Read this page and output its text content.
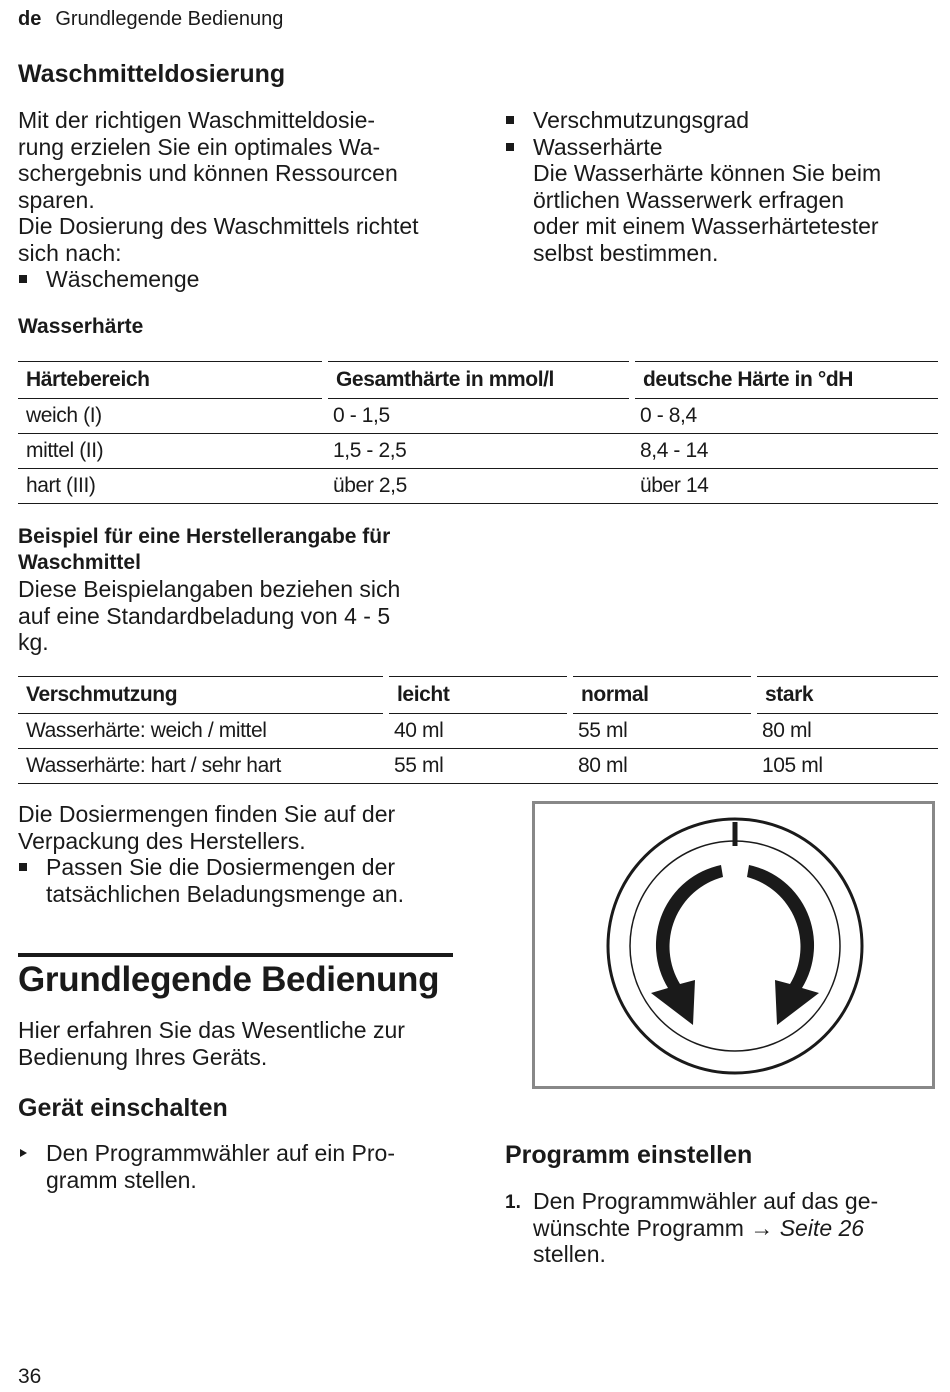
de Grundlegende Bedienung
Waschmitteldosierung
Mit der richtigen Waschmitteldosie-
rung erzielen Sie ein optimales Wa-
schergebnis und können Ressourcen
sparen.
Die Dosierung des Waschmittels richtet
sich nach:
Wäschemenge
Verschmutzungsgrad
Wasserhärte
Die Wasserhärte können Sie beim
örtlichen Wasserwerk erfragen
oder mit einem Wasserhärtetester
selbst bestimmen.
Wasserhärte
Härtebereich	Gesamthärte in mmol/l	deutsche Härte in °dH
weich (I)	0 - 1,5	0 - 8,4
mittel (II)	1,5 - 2,5	8,4 - 14
hart (III)	über 2,5	über 14
Beispiel für eine Herstellerangabe für
Waschmittel
Diese Beispielangaben beziehen sich
auf eine Standardbeladung von 4 - 5
kg.
Verschmutzung	leicht	normal	stark
Wasserhärte: weich / mittel	40 ml	55 ml	80 ml
Wasserhärte: hart / sehr hart	55 ml	80 ml	105 ml
Die Dosiermengen finden Sie auf der
Verpackung des Herstellers.
Passen Sie die Dosiermengen der
tatsächlichen Beladungsmenge an.
Grundlegende Bedienung
Hier erfahren Sie das Wesentliche zur
Bedienung Ihres Geräts.
Gerät einschalten
Den Programmwähler auf ein Pro-
gramm stellen.
Programm einstellen
1. Den Programmwähler auf das ge-
wünschte Programm → Seite 26
stellen.
36
